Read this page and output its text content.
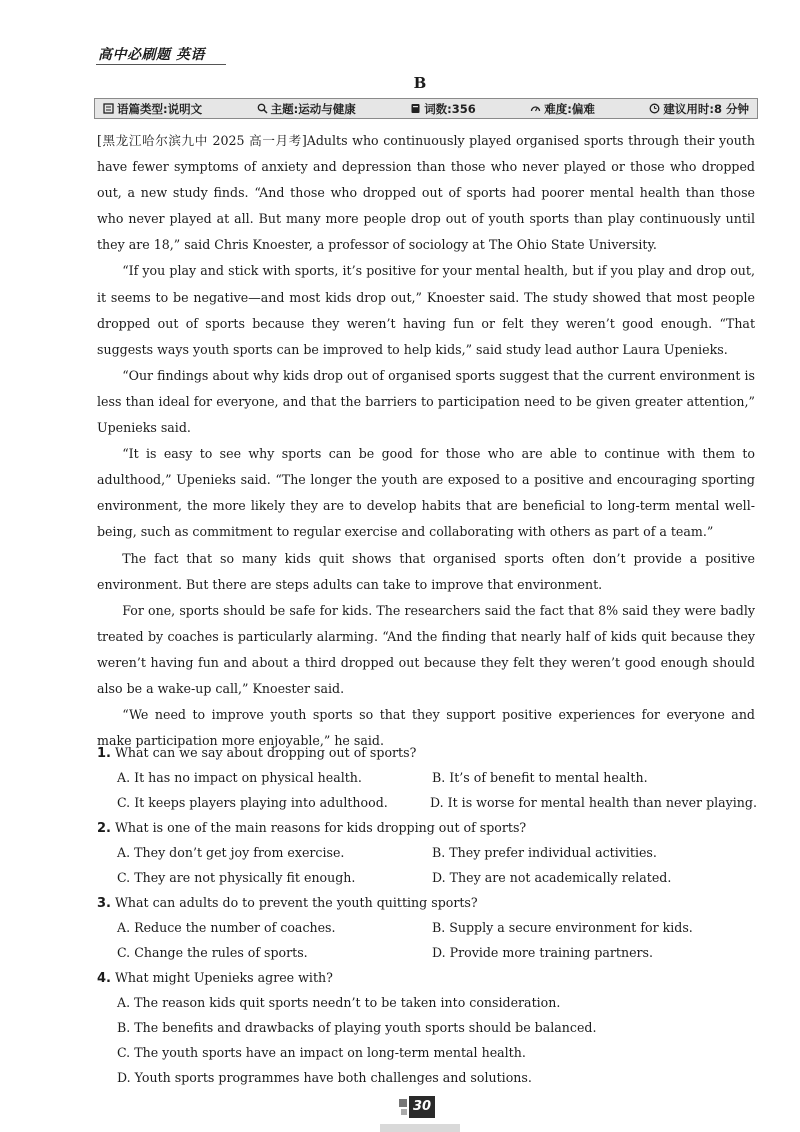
高中必刷题 英语
B
语篇类型:说明文	主题:运动与健康	词数:356	难度:偏难	建议用时:8 分钟

[黑龙江哈尔滨九中 2025 高一月考]Adults who continuously played organised sports through their youth have fewer symptoms of anxiety and depression than those who never played or those who dropped out, a new study finds. “And those who dropped out of sports had poorer mental health than those who never played at all. But many more people drop out of youth sports than play continuously until they are 18,” said Chris Knoester, a professor of sociology at The Ohio State University.

“If you play and stick with sports, it’s positive for your mental health, but if you play and drop out, it seems to be negative—and most kids drop out,” Knoester said. The study showed that most people dropped out of sports because they weren’t having fun or felt they weren’t good enough. “That suggests ways youth sports can be improved to help kids,” said study lead author Laura Upenieks.

“Our findings about why kids drop out of organised sports suggest that the current environment is less than ideal for everyone, and that the barriers to participation need to be given greater attention,” Upenieks said.

“It is easy to see why sports can be good for those who are able to continue with them to adulthood,” Upenieks said. “The longer the youth are exposed to a positive and encouraging sporting environment, the more likely they are to develop habits that are beneficial to long-term mental well-being, such as commitment to regular exercise and collaborating with others as part of a team.”

The fact that so many kids quit shows that organised sports often don’t provide a positive environment. But there are steps adults can take to improve that environment.

For one, sports should be safe for kids. The researchers said the fact that 8% said they were badly treated by coaches is particularly alarming. “And the finding that nearly half of kids quit because they weren’t having fun and about a third dropped out because they felt they weren’t good enough should also be a wake-up call,” Knoester said.

“We need to improve youth sports so that they support positive experiences for everyone and make participation more enjoyable,” he said.

1. What can we say about dropping out of sports?
A. It has no impact on physical health.	B. It’s of benefit to mental health.
C. It keeps players playing into adulthood.	D. It is worse for mental health than never playing.
2. What is one of the main reasons for kids dropping out of sports?
A. They don’t get joy from exercise.	B. They prefer individual activities.
C. They are not physically fit enough.	D. They are not academically related.
3. What can adults do to prevent the youth quitting sports?
A. Reduce the number of coaches.	B. Supply a secure environment for kids.
C. Change the rules of sports.	D. Provide more training partners.
4. What might Upenieks agree with?
A. The reason kids quit sports needn’t to be taken into consideration.
B. The benefits and drawbacks of playing youth sports should be balanced.
C. The youth sports have an impact on long-term mental health.
D. Youth sports programmes have both challenges and solutions.
30
